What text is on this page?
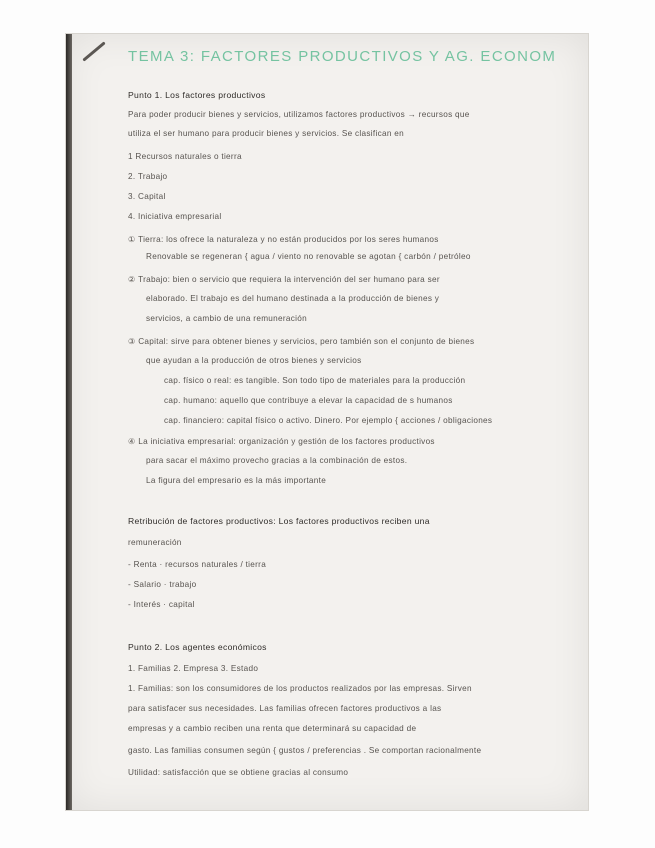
TEMA 3: FACTORES PRODUCTIVOS Y AG. ECONOM
Punto 1. Los factores productivos
Para poder producir bienes y servicios, utilizamos factores productivos → recursos que
utiliza el ser humano para producir bienes y servicios. Se clasifican en
1 Recursos naturales o tierra
2. Trabajo
3. Capital
4. Iniciativa empresarial
① Tierra: los ofrece la naturaleza y no están producidos por los seres humanos
Renovable se regeneran { agua / viento no renovable se agotan { carbón / petróleo
② Trabajo: bien o servicio que requiera la intervención del ser humano para ser
elaborado. El trabajo es del humano destinada a la producción de bienes y
servicios, a cambio de una remuneración
③ Capital: sirve para obtener bienes y servicios, pero también son el conjunto de bienes
que ayudan a la producción de otros bienes y servicios
cap. físico o real: es tangible. Son todo tipo de materiales para la producción
cap. humano: aquello que contribuye a elevar la capacidad de s humanos
cap. financiero: capital físico o activo. Dinero. Por ejemplo { acciones / obligaciones
④ La iniciativa empresarial: organización y gestión de los factores productivos
para sacar el máximo provecho gracias a la combinación de estos.
La figura del empresario es la más importante
Retribución de factores productivos: Los factores productivos reciben una
remuneración
- Renta · recursos naturales / tierra
- Salario · trabajo
- Interés · capital
Punto 2. Los agentes económicos
1. Familias 2. Empresa 3. Estado
1. Familias: son los consumidores de los productos realizados por las empresas. Sirven
para satisfacer sus necesidades. Las familias ofrecen factores productivos a las
empresas y a cambio reciben una renta que determinará su capacidad de
gasto. Las familias consumen según { gustos / preferencias . Se comportan racionalmente
Utilidad: satisfacción que se obtiene gracias al consumo
